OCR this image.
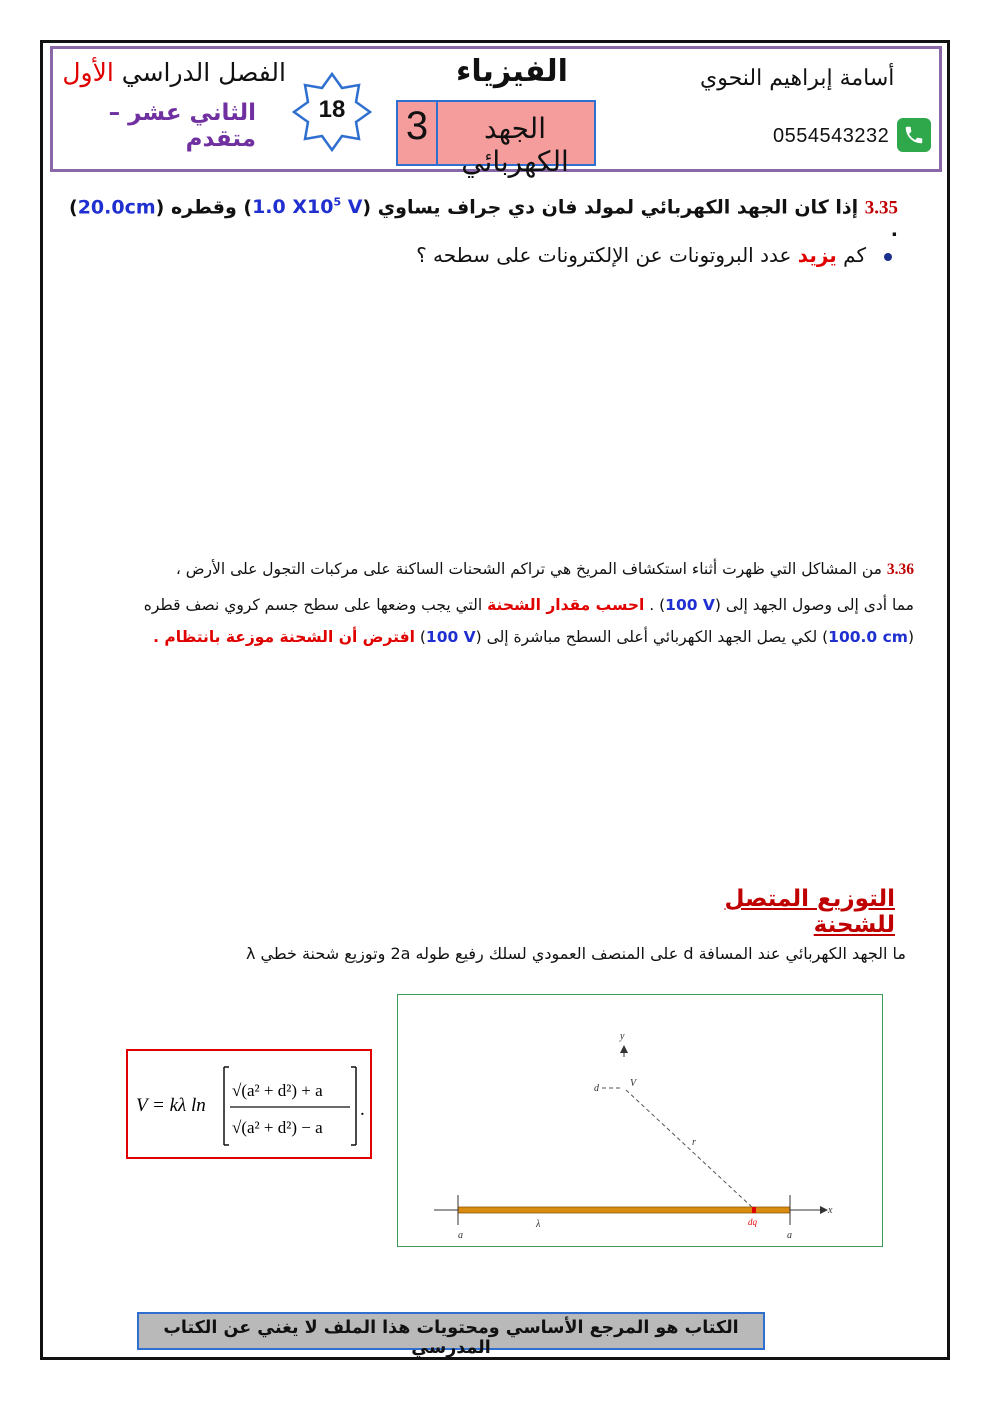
أسامة إبراهيم النحوي
0554543232
الفيزياء
3	الجهد الكهربائي
18
الفصل الدراسي الأول
الثاني عشر – متقدم
3.35 إذا كان الجهد الكهربائي لمولد فان دي جراف يساوي (1.0 $X10^5$ V) وقطره (20.0cm) .
كم يزيد عدد البروتونات عن الإلكترونات على سطحه ؟
3.36 من المشاكل التي ظهرت أثناء استكشاف المريخ هي تراكم الشحنات الساكنة على مركبات التجول على الأرض ،
مما أدى إلى وصول الجهد إلى (100 V) . احسب مقدار الشحنة التي يجب وضعها على سطح جسم كروي نصف قطره
(100.0 cm) لكي يصل الجهد الكهربائي أعلى السطح مباشرة إلى (100 V) افترض أن الشحنة موزعة بانتظام .
التوزيع المتصل للشحنة
ما الجهد الكهربائي عند المسافة d على المنصف العمودي لسلك رفيع طوله 2a وتوزيع شحنة خطي λ
V = kλ ln
√(a² + d²) + a
√(a² + d²) − a
.
y
d	V
r
x
λ	dq
a	a
الكتاب هو المرجع الأساسي ومحتويات هذا الملف لا يغني عن الكتاب المدرسي
